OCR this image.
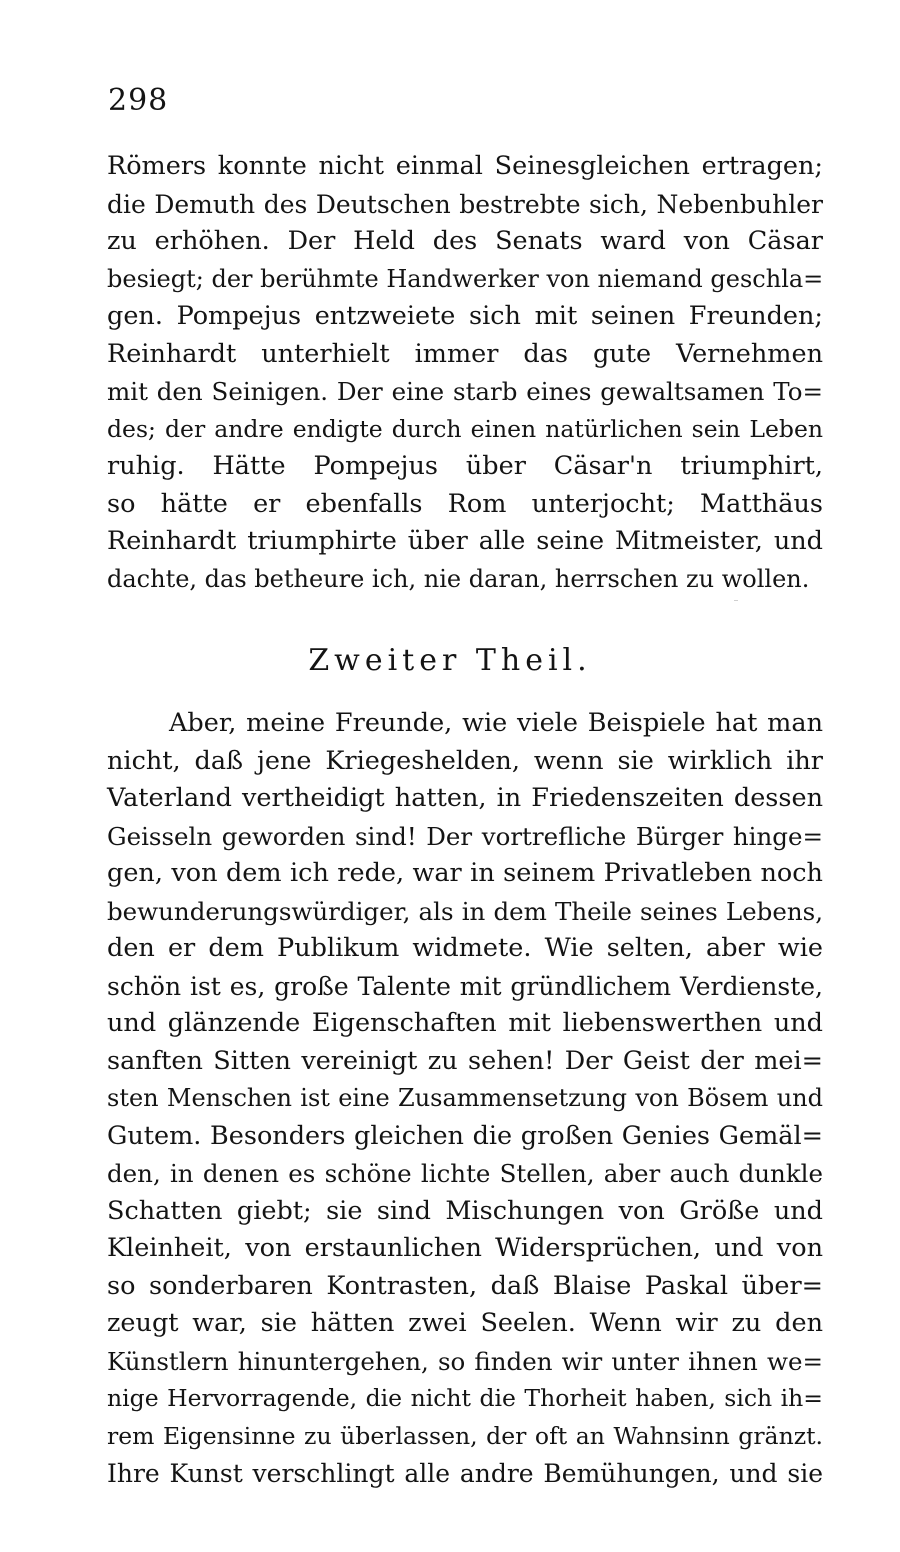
298
Römers konnte nicht einmal Seinesgleichen ertragen;
die Demuth des Deutschen bestrebte sich, Nebenbuhler
zu erhöhen. Der Held des Senats ward von Cäsar
besiegt; der berühmte Handwerker von niemand geschla=
gen. Pompejus entzweiete sich mit seinen Freunden;
Reinhardt unterhielt immer das gute Vernehmen
mit den Seinigen. Der eine starb eines gewaltsamen To=
des; der andre endigte durch einen natürlichen sein Leben
ruhig. Hätte Pompejus über Cäsar'n triumphirt,
so hätte er ebenfalls Rom unterjocht; Matthäus
Reinhardt triumphirte über alle seine Mitmeister, und
dachte, das betheure ich, nie daran, herrschen zu wollen.
Zweiter Theil.
Aber, meine Freunde, wie viele Beispiele hat man
nicht, daß jene Kriegeshelden, wenn sie wirklich ihr
Vaterland vertheidigt hatten, in Friedenszeiten dessen
Geisseln geworden sind! Der vortrefliche Bürger hinge=
gen, von dem ich rede, war in seinem Privatleben noch
bewunderungswürdiger, als in dem Theile seines Lebens,
den er dem Publikum widmete. Wie selten, aber wie
schön ist es, große Talente mit gründlichem Verdienste,
und glänzende Eigenschaften mit liebenswerthen und
sanften Sitten vereinigt zu sehen! Der Geist der mei=
sten Menschen ist eine Zusammensetzung von Bösem und
Gutem. Besonders gleichen die großen Genies Gemäl=
den, in denen es schöne lichte Stellen, aber auch dunkle
Schatten giebt; sie sind Mischungen von Größe und
Kleinheit, von erstaunlichen Widersprüchen, und von
so sonderbaren Kontrasten, daß Blaise Paskal über=
zeugt war, sie hätten zwei Seelen. Wenn wir zu den
Künstlern hinuntergehen, so finden wir unter ihnen we=
nige Hervorragende, die nicht die Thorheit haben, sich ih=
rem Eigensinne zu überlassen, der oft an Wahnsinn gränzt.
Ihre Kunst verschlingt alle andre Bemühungen, und sie
